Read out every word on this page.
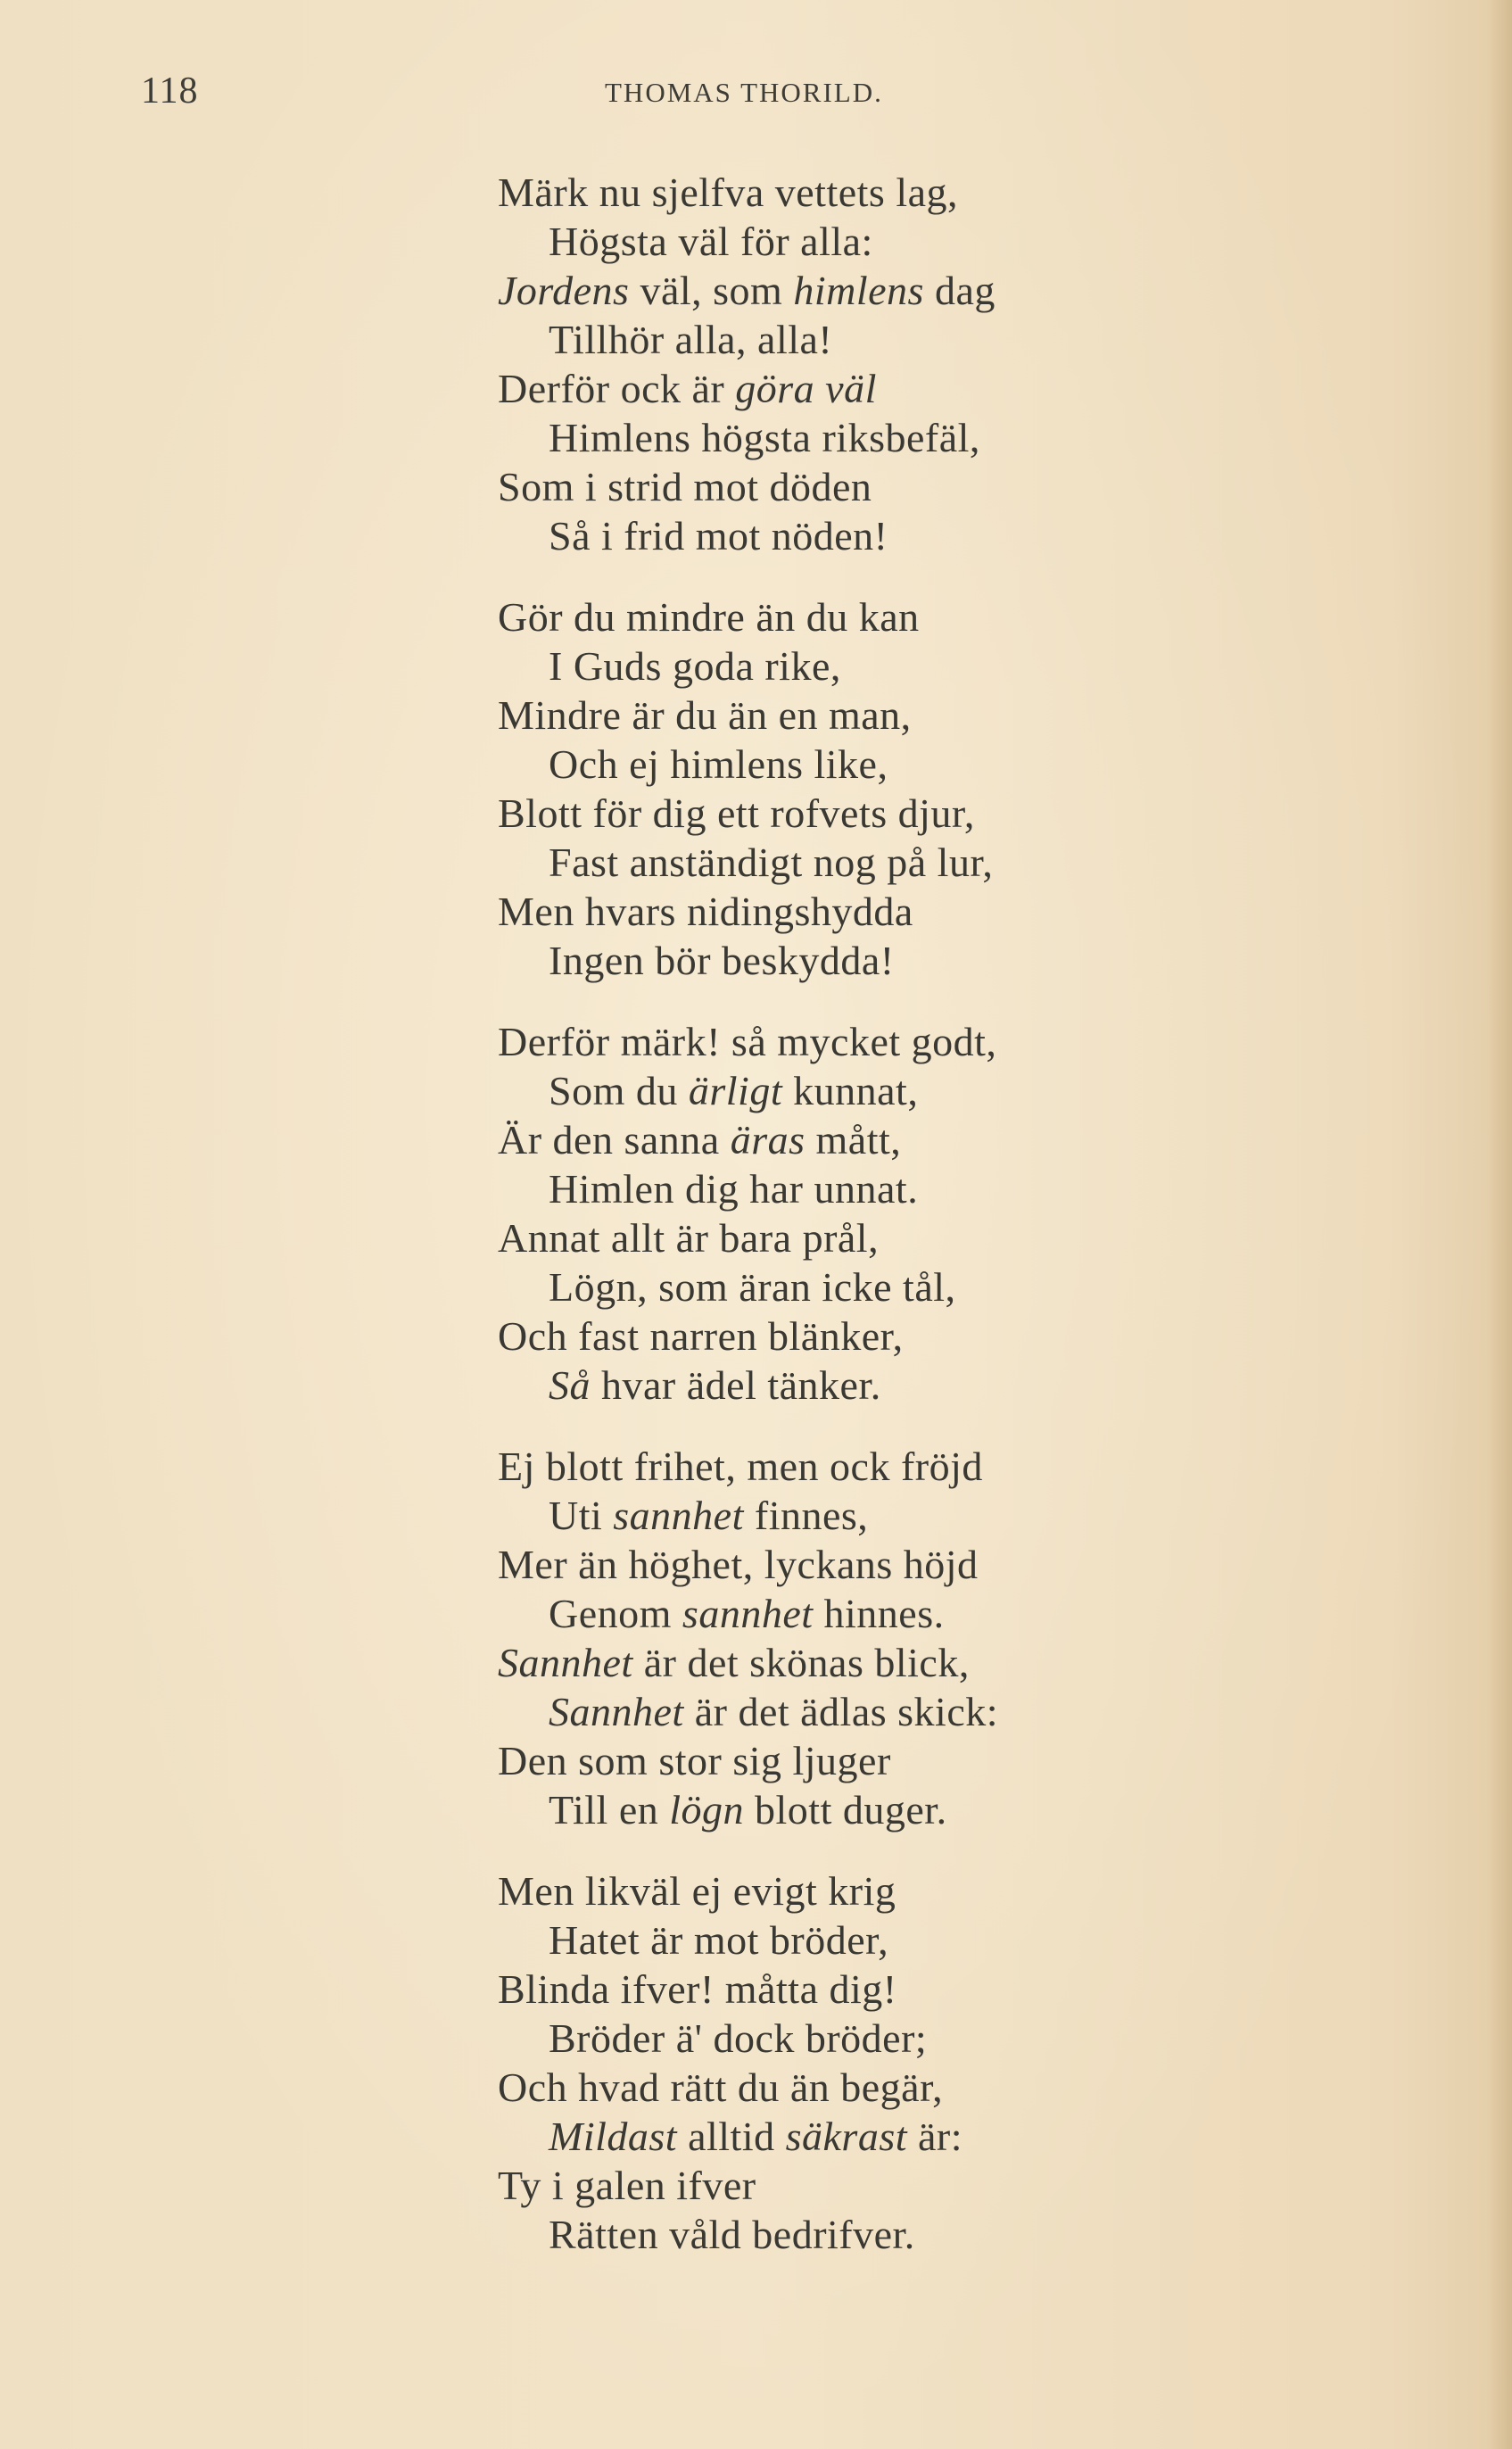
118	THOMAS THORILD.
Märk nu sjelfva vettets lag,
Högsta väl för alla:
Jordens väl, som himlens dag
Tillhör alla, alla!
Derför ock är göra väl
Himlens högsta riksbefäl,
Som i strid mot döden
Så i frid mot nöden!
Gör du mindre än du kan
I Guds goda rike,
Mindre är du än en man,
Och ej himlens like,
Blott för dig ett rofvets djur,
Fast anständigt nog på lur,
Men hvars nidingshydda
Ingen bör beskydda!
Derför märk! så mycket godt,
Som du ärligt kunnat,
Är den sanna äras mått,
Himlen dig har unnat.
Annat allt är bara prål,
Lögn, som äran icke tål,
Och fast narren blänker,
Så hvar ädel tänker.
Ej blott frihet, men ock fröjd
Uti sannhet finnes,
Mer än höghet, lyckans höjd
Genom sannhet hinnes.
Sannhet är det skönas blick,
Sannhet är det ädlas skick:
Den som stor sig ljuger
Till en lögn blott duger.
Men likväl ej evigt krig
Hatet är mot bröder,
Blinda ifver! måtta dig!
Bröder ä' dock bröder;
Och hvad rätt du än begär,
Mildast alltid säkrast är:
Ty i galen ifver
Rätten våld bedrifver.
